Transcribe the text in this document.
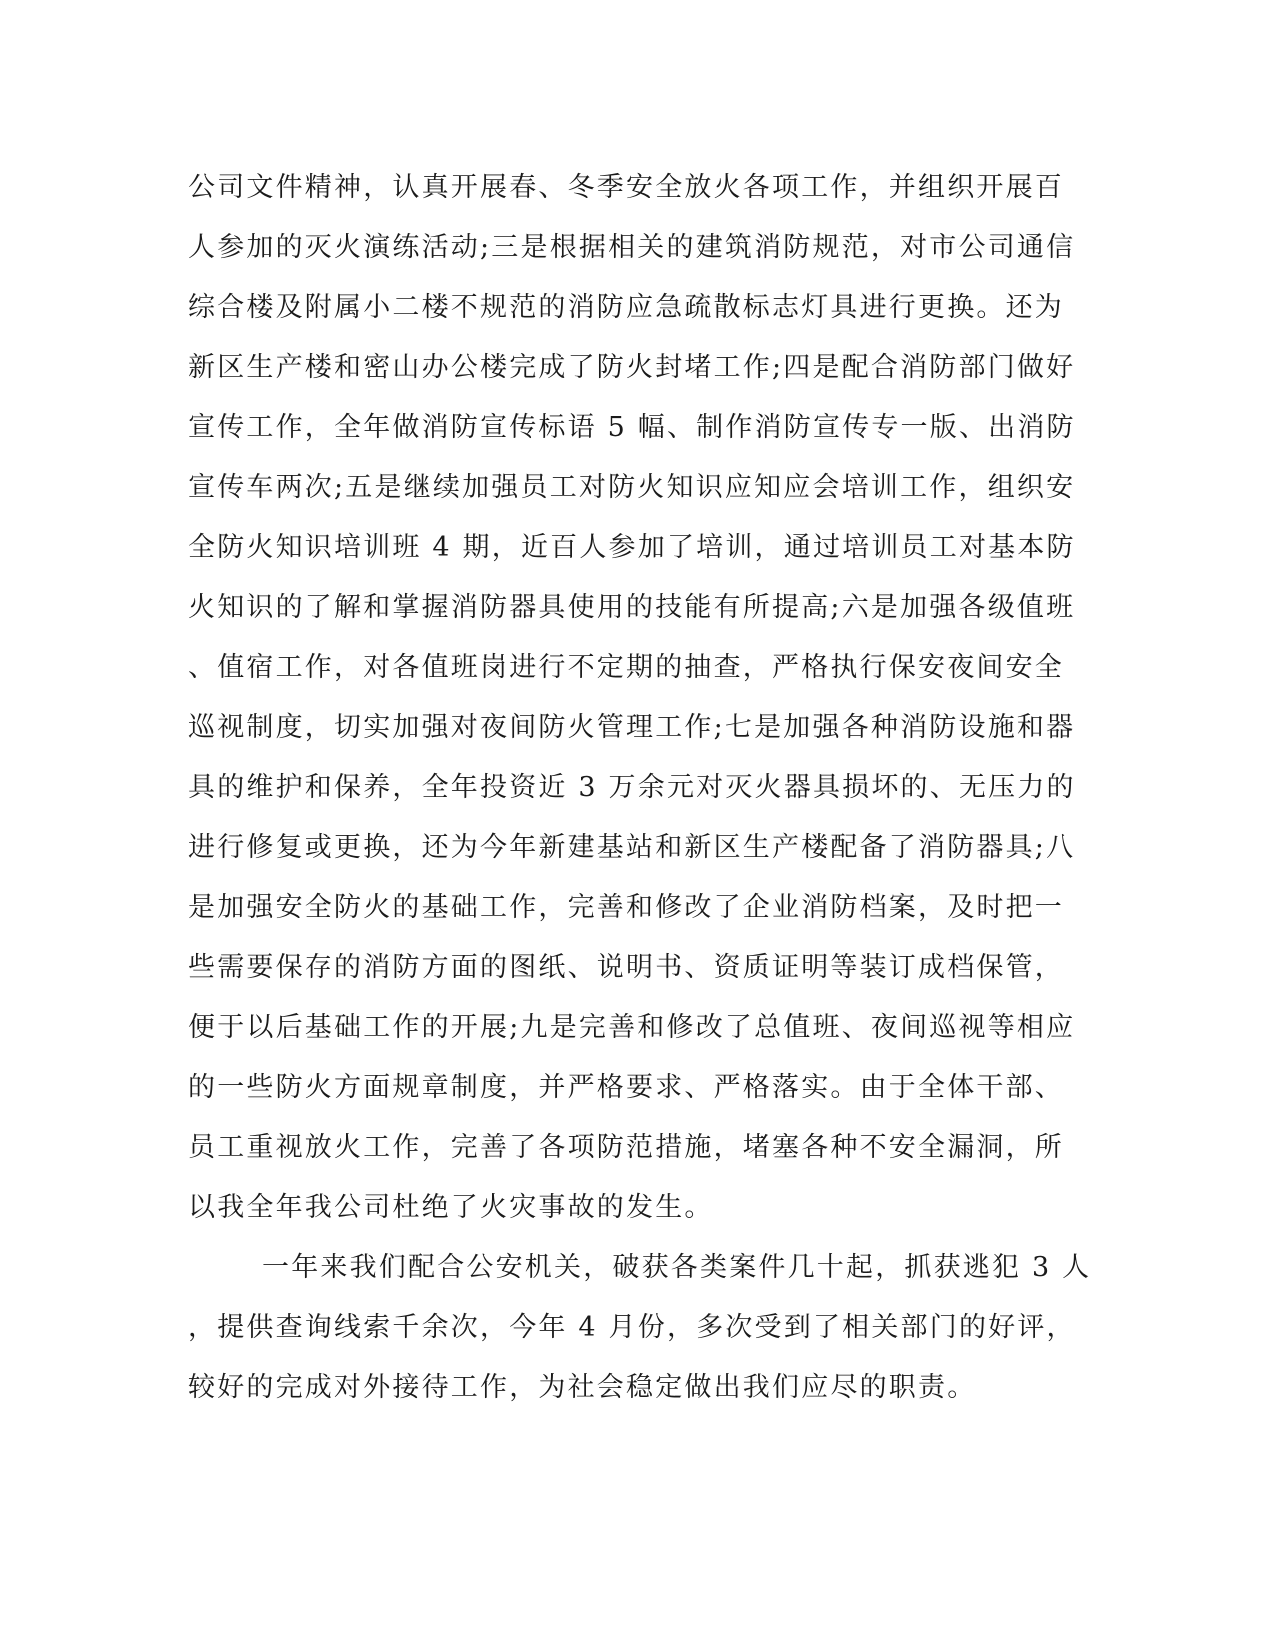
公司文件精神，认真开展春、冬季安全放火各项工作，并组织开展百
人参加的灭火演练活动;三是根据相关的建筑消防规范，对市公司通信
综合楼及附属小二楼不规范的消防应急疏散标志灯具进行更换。还为
新区生产楼和密山办公楼完成了防火封堵工作;四是配合消防部门做好
宣传工作，全年做消防宣传标语 5 幅、制作消防宣传专一版、出消防
宣传车两次;五是继续加强员工对防火知识应知应会培训工作，组织安
全防火知识培训班 4 期，近百人参加了培训，通过培训员工对基本防
火知识的了解和掌握消防器具使用的技能有所提高;六是加强各级值班
、值宿工作，对各值班岗进行不定期的抽查，严格执行保安夜间安全
巡视制度，切实加强对夜间防火管理工作;七是加强各种消防设施和器
具的维护和保养，全年投资近 3 万余元对灭火器具损坏的、无压力的
进行修复或更换，还为今年新建基站和新区生产楼配备了消防器具;八
是加强安全防火的基础工作，完善和修改了企业消防档案，及时把一
些需要保存的消防方面的图纸、说明书、资质证明等装订成档保管，
便于以后基础工作的开展;九是完善和修改了总值班、夜间巡视等相应
的一些防火方面规章制度，并严格要求、严格落实。由于全体干部、
员工重视放火工作，完善了各项防范措施，堵塞各种不安全漏洞，所
以我全年我公司杜绝了火灾事故的发生。
一年来我们配合公安机关，破获各类案件几十起，抓获逃犯 3 人
，提供查询线索千余次，今年 4 月份，多次受到了相关部门的好评，
较好的完成对外接待工作，为社会稳定做出我们应尽的职责。
